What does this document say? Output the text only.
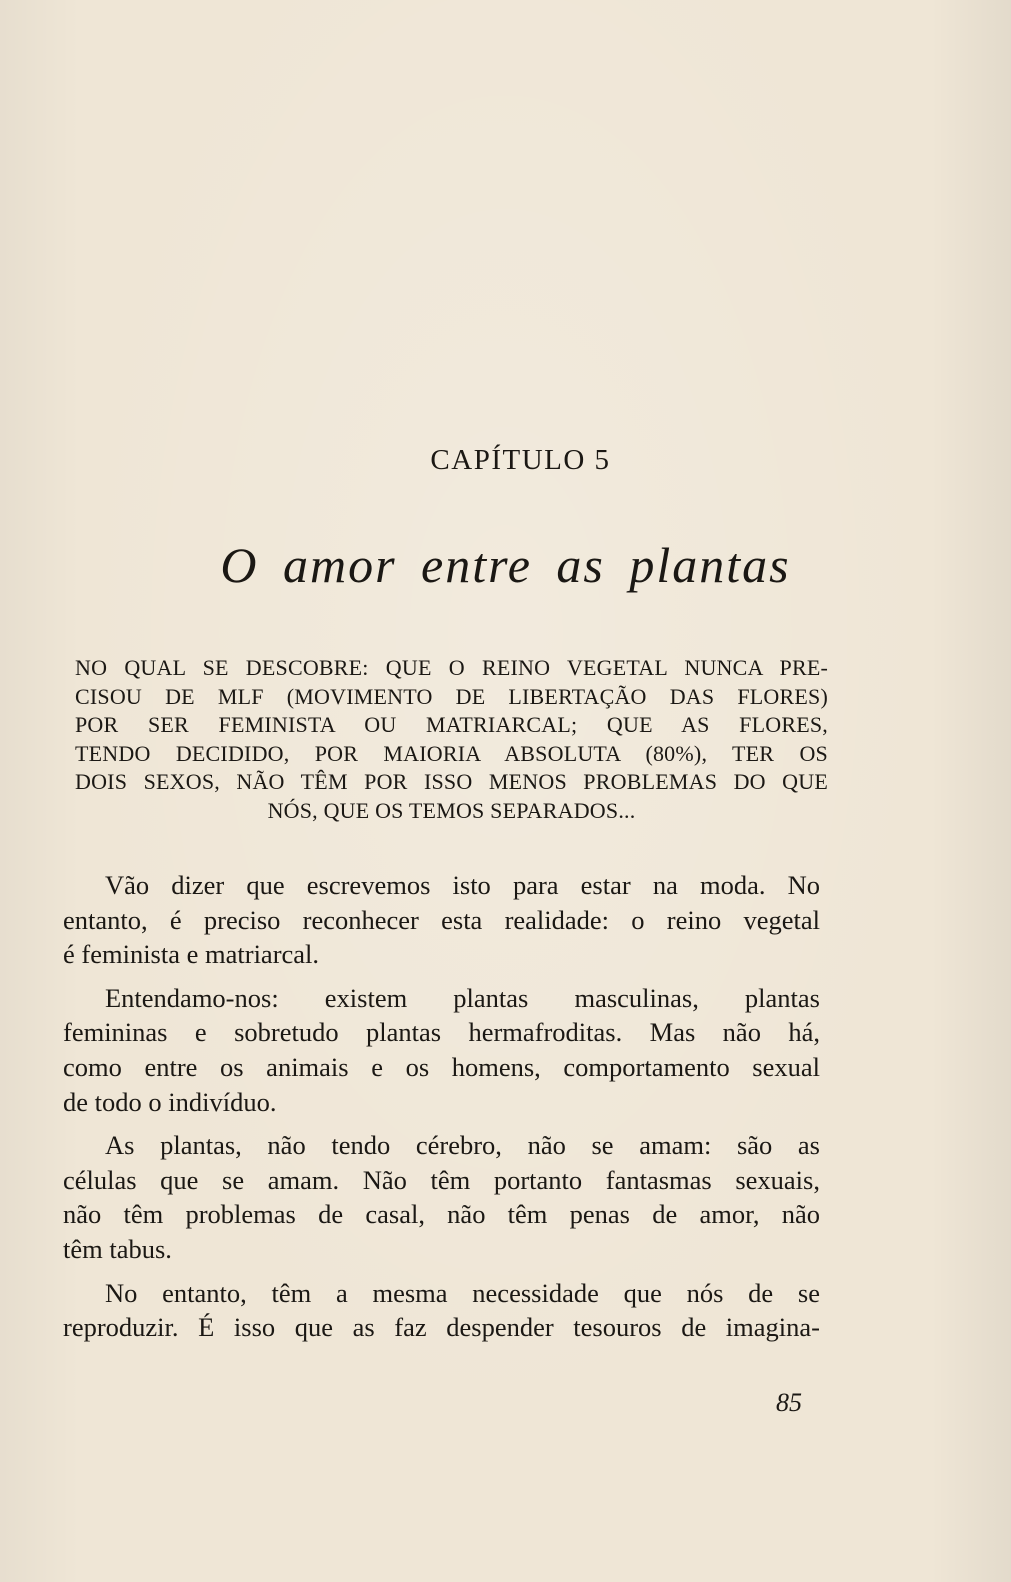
CAPÍTULO 5
O amor entre as plantas
NO QUAL SE DESCOBRE: QUE O REINO VEGETAL NUNCA PRE-
CISOU DE MLF (MOVIMENTO DE LIBERTAÇÃO DAS FLORES)
POR SER FEMINISTA OU MATRIARCAL; QUE AS FLORES,
TENDO DECIDIDO, POR MAIORIA ABSOLUTA (80%), TER OS
DOIS SEXOS, NÃO TÊM POR ISSO MENOS PROBLEMAS DO QUE
NÓS, QUE OS TEMOS SEPARADOS...

Vão dizer que escrevemos isto para estar na moda. No
entanto, é preciso reconhecer esta realidade: o reino vegetal
é feminista e matriarcal.

Entendamo-nos: existem plantas masculinas, plantas
femininas e sobretudo plantas hermafroditas. Mas não há,
como entre os animais e os homens, comportamento sexual
de todo o indivíduo.

As plantas, não tendo cérebro, não se amam: são as
células que se amam. Não têm portanto fantasmas sexuais,
não têm problemas de casal, não têm penas de amor, não
têm tabus.

No entanto, têm a mesma necessidade que nós de se
reproduzir. É isso que as faz despender tesouros de imagina-

85
